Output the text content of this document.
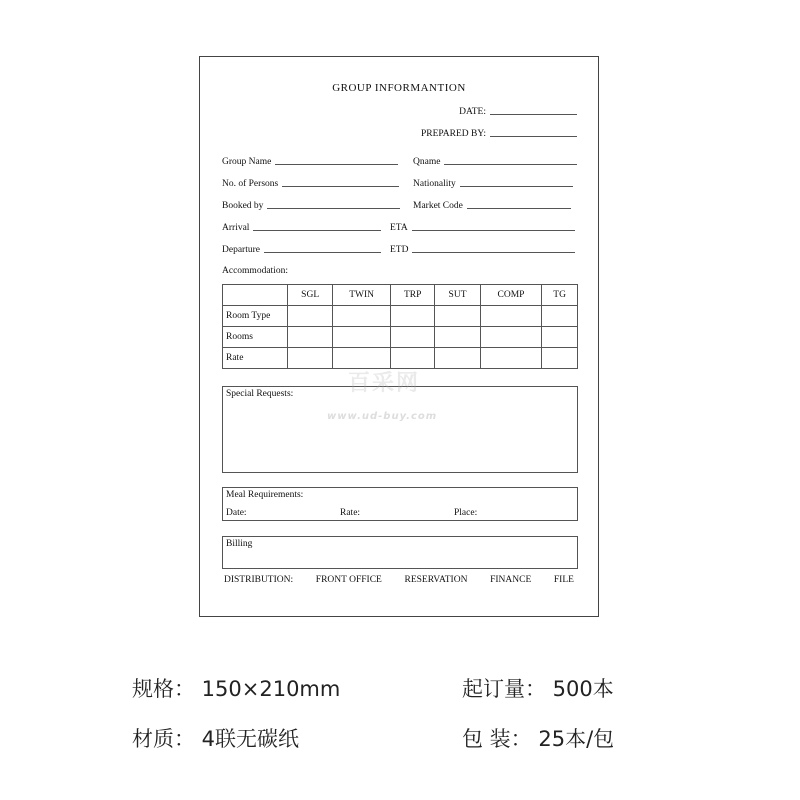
GROUP INFORMANTION
DATE:
PREPARED BY:
Group Name	Qname
No. of Persons	Nationality
Booked by	Market Code
Arrival	ETA
Departure	ETD
Accommodation:
	SGL	TWIN	TRP	SUT	COMP	TG
Room Type						
Rooms						
Rate						
Special Requests:
Meal Requirements:
Date:	Rate:	Place:
Billing
DISTRIBUTION: FRONT OFFICE RESERVATION FINANCE FILE
百采网
www.ud-buy.com
规格： 150×210mm	起订量： 500本
材质： 4联无碳纸	包 装： 25本/包
